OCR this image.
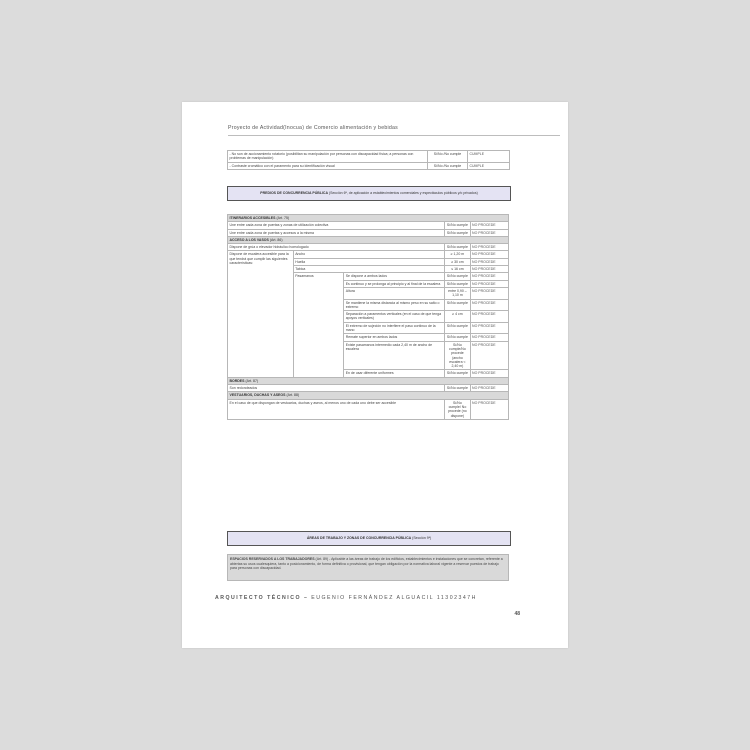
Proyecto de Actividad(Inocua) de Comercio alimentación y bebidas
- No son de accionamiento rotatorio (posibilitan su manipulación por personas con discapacidad física; a personas con problemas de manipulación)	Sí/No /No cumple	CUMPLE
- Contraste cromático con el paramento para su identificación visual	Sí/No /No cumple	CUMPLE
PREDIOS DE CONCURRENCIA PÚBLICA (Sección 6ª, de aplicación a establecimientos comerciales y espectáculos públicos y/o privados)
ITINERARIOS ACCESIBLES (Art. 75)				
Une entre cada zona de puertas y zonas de utilización colectiva			Sí/No cumple	NO PROCEDE
Une entre cada zona de puertas y accesos a la misma			Sí/No cumple	NO PROCEDE
ACCESO A LOS VASOS (Art. 86)				
Dispone de grúa o elevador hidráulico homologado			Sí/No cumple	NO PROCEDE
Dispone de escalera accesible para la que tendrá que cumplir las siguientes características:	Ancho		≥ 1,20 m	NO PROCEDE
	Huella		≥ 30 cm	NO PROCEDE
	Tabica		≤ 16 cm	NO PROCEDE
	Pasamanos	Se dispone a ambos lados	Sí/No cumple	NO PROCEDE
		Es continuo y se prolonga al principio y al final de la escalera	Sí/No cumple	NO PROCEDE
		Altura	entre 0,90 – 1,10 m	NO PROCEDE
		Se mantiene la misma distancia al mismo peso en su salto o extremo	Sí/No cumple	NO PROCEDE
		Separación a paramentos verticales (en el caso de que tenga apoyos verticales)	≥ 4 cm	NO PROCEDE
		El extremo de sujeción no interfiere el paso continuo de la mano	Sí/No cumple	NO PROCEDE
		Remate superior en ambos lados	Sí/No cumple	NO PROCEDE
		Existe pasamanos intermedio cada 2,40 m de ancho de escalera	Sí/No cumple/No procede (ancho escalera < 2,40 m)	NO PROCEDE
		En de usar diferente uniformes	Sí/No cumple	NO PROCEDE
BORDES (Art. 87)				
Son redondeados			Sí/No cumple	NO PROCEDE
VESTUARIOS, DUCHAS Y ASEOS (Art. 88)				
En el caso de que dispongan de vestuarios, duchas y aseos, al menos uno de cada uno debe ser accesible			Sí/No cumple/ No procede (no dispone)	NO PROCEDE
ÁREAS DE TRABAJO Y ZONAS DE CONCURRENCIA PÚBLICA (Sección 9ª)
ESPACIOS RESERVADOS A LOS TRABAJADORES (Art. 89) - Aplicable a las áreas de trabajo de los edificios, establecimientos e instalaciones que se concretan, referente a abiertas su usos cualesquiera, tanto a posicionamiento, de forma definitiva o provisional, que tengan obligación por la normativa laboral vigente a reservar puestos de trabajo para personas con discapacidad.
ARQUITECTO TÉCNICO – EUGENIO FERNÁNDEZ ALGUACIL 11302347H
48
